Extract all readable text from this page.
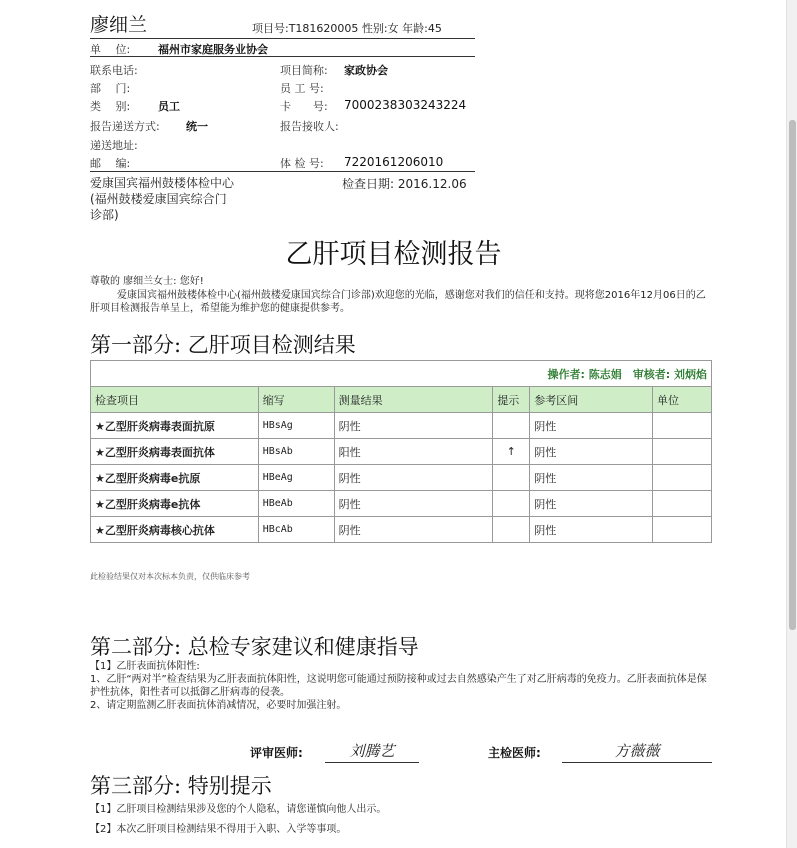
廖细兰	项目号:T181620005 性别:女 年龄:45
单　 位:	福州市家庭服务业协会
联系电话:	项目简称: 家政协会
部　 门:	员 工 号:
类　 别:	员工	卡　　号: 7000238303243224
报告递送方式: 统一	报告接收人:
递送地址:
邮　 编:	体 检 号: 7220161206010
爱康国宾福州鼓楼体检中心
(福州鼓楼爱康国宾综合门
诊部)
检查日期: 2016.12.06
乙肝项目检测报告
尊敬的 廖细兰女士: 您好!
爱康国宾福州鼓楼体检中心(福州鼓楼爱康国宾综合门诊部)欢迎您的光临，感谢您对我们的信任和支持。现将您2016年12月06日的乙肝项目检测报告单呈上，希望能为维护您的健康提供参考。
第一部分: 乙肝项目检测结果
操作者: 陈志娟　审核者: 刘炳焰					
检查项目	缩写	测量结果	提示	参考区间	单位
★乙型肝炎病毒表面抗原	HBsAg	阴性		阴性	
★乙型肝炎病毒表面抗体	HBsAb	阳性	↑	阴性	
★乙型肝炎病毒e抗原	HBeAg	阴性		阴性	
★乙型肝炎病毒e抗体	HBeAb	阴性		阴性	
★乙型肝炎病毒核心抗体	HBcAb	阴性		阴性	
此检验结果仅对本次标本负责，仅供临床参考
第二部分: 总检专家建议和健康指导
【1】乙肝表面抗体阳性:
1、乙肝“两对半”检查结果为乙肝表面抗体阳性，这说明您可能通过预防接种或过去自然感染产生了对乙肝病毒的免疫力。乙肝表面抗体是保护性抗体，阳性者可以抵御乙肝病毒的侵袭。
2、请定期监测乙肝表面抗体消减情况，必要时加强注射。
评审医师:	刘腾艺	主检医师:	方薇薇
第三部分: 特别提示
【1】乙肝项目检测结果涉及您的个人隐私，请您谨慎向他人出示。
【2】本次乙肝项目检测结果不得用于入职、入学等事项。
